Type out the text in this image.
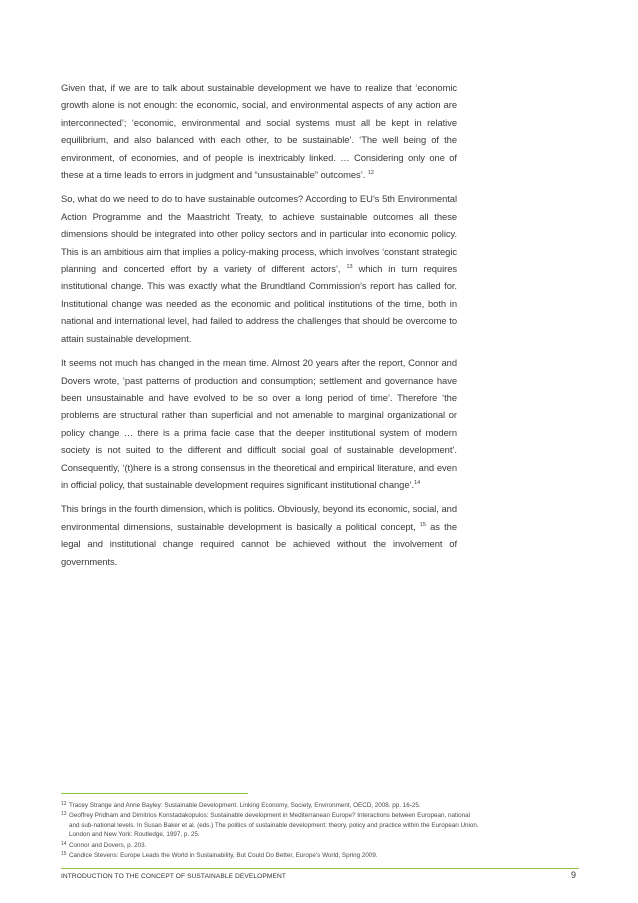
Given that, if we are to talk about sustainable development we have to realize that ‘economic growth alone is not enough: the economic, social, and environmental aspects of any action are interconnected’; ‘economic, environmental and social systems must all be kept in relative equilibrium, and also balanced with each other, to be sustainable’. ‘The well being of the environment, of economies, and of people is inextricably linked. … Considering only one of these at a time leads to errors in judgment and “unsustainable” outcomes’. $^{12}$

So, what do we need to do to have sustainable outcomes? According to EU’s 5th Environmental Action Programme and the Maastricht Treaty, to achieve sustainable outcomes all these dimensions should be integrated into other policy sectors and in particular into economic policy. This is an ambitious aim that implies a policy-making process, which involves ‘constant strategic planning and concerted effort by a variety of different actors’, $^{13}$ which in turn requires institutional change. This was exactly what the Brundtland Commission’s report has called for. Institutional change was needed as the economic and political institutions of the time, both in national and international level, had failed to address the challenges that should be overcome to attain sustainable development.

It seems not much has changed in the mean time. Almost 20 years after the report, Connor and Dovers wrote, ‘past patterns of production and consumption; settlement and governance have been unsustainable and have evolved to be so over a long period of time’. Therefore ‘the problems are structural rather than superficial and not amenable to marginal organizational or policy change … there is a prima facie case that the deeper institutional system of modern society is not suited to the different and difficult social goal of sustainable development’. Consequently, ‘(t)here is a strong consensus in the theoretical and empirical literature, and even in official policy, that sustainable development requires significant institutional change’.$^{14}$

This brings in the fourth dimension, which is politics. Obviously, beyond its economic, social, and environmental dimensions, sustainable development is basically a political concept, $^{15}$ as the legal and institutional change required cannot be achieved without the involvement of governments.

12 Tracey Strange and Anne Bayley: Sustainable Development. Linking Economy, Society, Environment, OECD, 2008. pp. 16-25.

13 Geoffrey Pridham and Dimitrios Konstadakopulos: Sustainable development in Mediterranean Europe? Interactions between European, national and sub-national levels. In Susan Baker et al. (eds.) The politics of sustainable development: theory, policy and practice within the European Union. London and New York: Routledge, 1997, p. 25.

14 Connor and Dovers, p. 203.

15 Candice Stevens: Europe Leads the World in Sustainability, But Could Do Better, Europe’s World, Spring 2009.

INTRODUCTION TO THE CONCEPT OF SUSTAINABLE DEVELOPMENT	9
